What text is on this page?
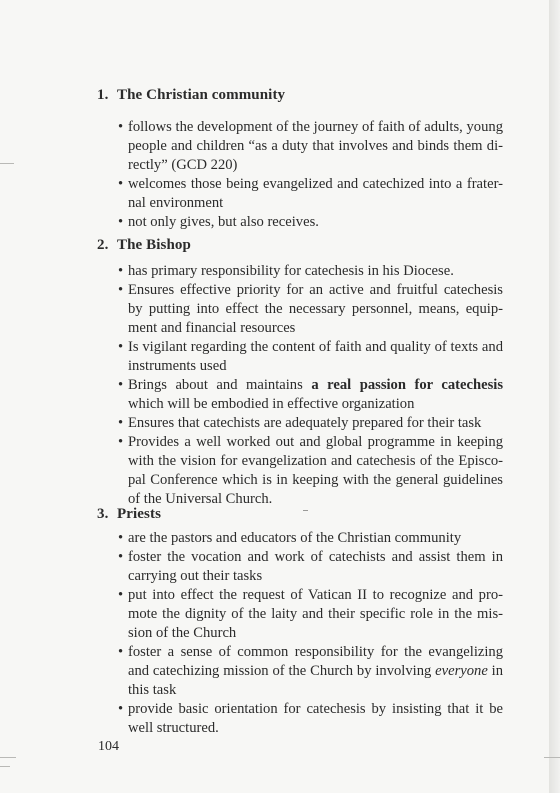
1. The Christian community
• follows the development of the journey of faith of adults, young people and children “as a duty that involves and binds them di-rectly” (GCD 220)
• welcomes those being evangelized and catechized into a frater-nal environment
• not only gives, but also receives.
2. The Bishop
• has primary responsibility for catechesis in his Diocese.
• Ensures effective priority for an active and fruitful catechesis by putting into effect the necessary personnel, means, equip-ment and financial resources
• Is vigilant regarding the content of faith and quality of texts and instruments used
• Brings about and maintains a real passion for catechesis which will be embodied in effective organization
• Ensures that catechists are adequately prepared for their task
• Provides a well worked out and global programme in keeping with the vision for evangelization and catechesis of the Episco-pal Conference which is in keeping with the general guidelines of the Universal Church.
3. Priests
• are the pastors and educators of the Christian community
• foster the vocation and work of catechists and assist them in carrying out their tasks
• put into effect the request of Vatican II to recognize and pro-mote the dignity of the laity and their specific role in the mis-sion of the Church
• foster a sense of common responsibility for the evangelizing and catechizing mission of the Church by involving everyone in this task
• provide basic orientation for catechesis by insisting that it be well structured.
104
